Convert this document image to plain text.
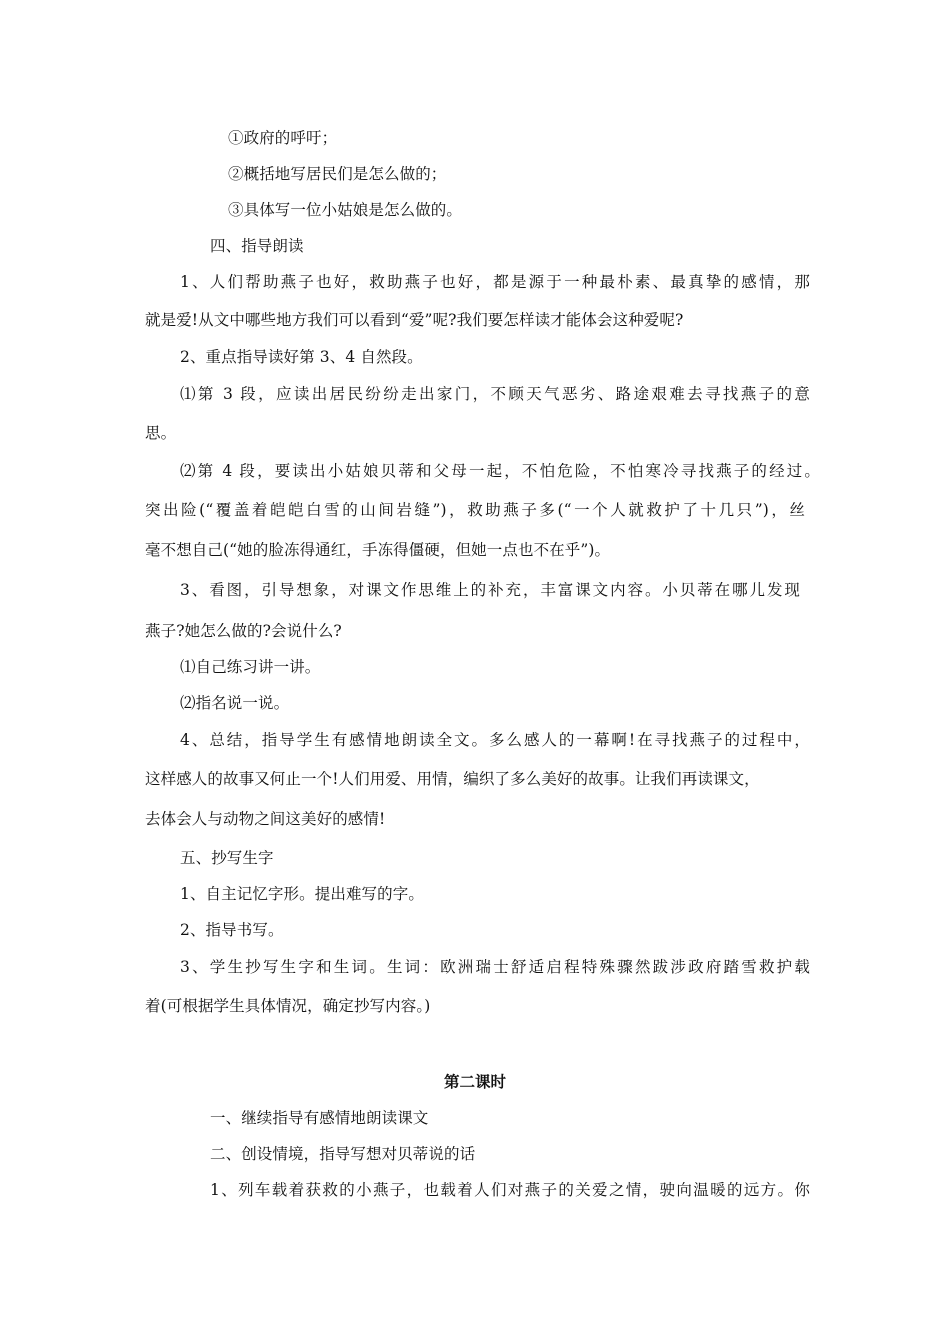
①政府的呼吁；
②概括地写居民们是怎么做的；
③具体写一位小姑娘是怎么做的。
四、指导朗读
1、人们帮助燕子也好，救助燕子也好，都是源于一种最朴素、最真挚的感情，那
就是爱!从文中哪些地方我们可以看到“爱”呢?我们要怎样读才能体会这种爱呢?
2、重点指导读好第 3、4 自然段。
⑴第 3 段，应读出居民纷纷走出家门，不顾天气恶劣、路途艰难去寻找燕子的意
思。
⑵第 4 段，要读出小姑娘贝蒂和父母一起，不怕危险，不怕寒冷寻找燕子的经过。
突出险(“覆盖着皑皑白雪的山间岩缝”)，救助燕子多(“一个人就救护了十几只”)，丝
毫不想自己(“她的脸冻得通红，手冻得僵硬，但她一点也不在乎”)。
3、看图，引导想象，对课文作思维上的补充，丰富课文内容。小贝蒂在哪儿发现
燕子?她怎么做的?会说什么?
⑴自己练习讲一讲。
⑵指名说一说。
4、总结，指导学生有感情地朗读全文。多么感人的一幕啊!在寻找燕子的过程中，
这样感人的故事又何止一个!人们用爱、用情，编织了多么美好的故事。让我们再读课文，
去体会人与动物之间这美好的感情!
五、抄写生字
1、自主记忆字形。提出难写的字。
2、指导书写。
3、学生抄写生字和生词。生词：欧洲瑞士舒适启程特殊骤然跋涉政府踏雪救护载
着(可根据学生具体情况，确定抄写内容。)
第二课时
一、继续指导有感情地朗读课文
二、创设情境，指导写想对贝蒂说的话
1、列车载着获救的小燕子，也载着人们对燕子的关爱之情，驶向温暖的远方。你
